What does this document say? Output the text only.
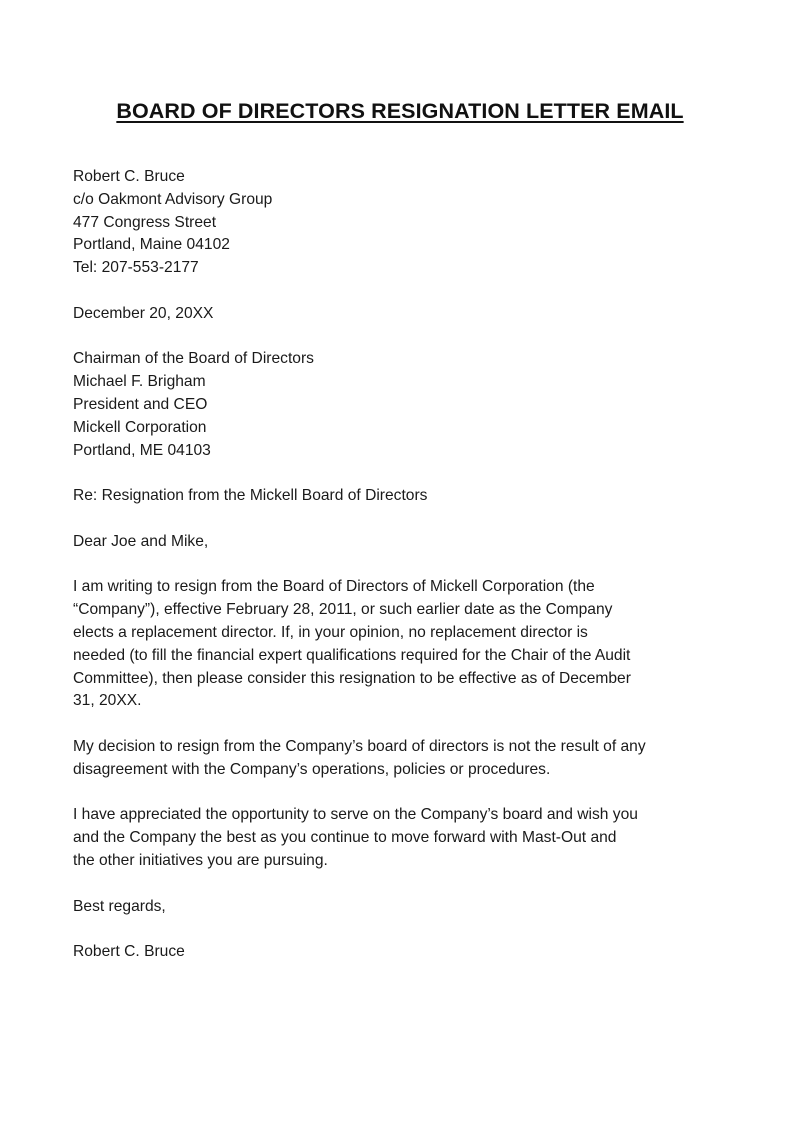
BOARD OF DIRECTORS RESIGNATION LETTER EMAIL
Robert C. Bruce
c/o Oakmont Advisory Group
477 Congress Street
Portland, Maine 04102
Tel: 207-553-2177
December 20, 20XX
Chairman of the Board of Directors
Michael F. Brigham
President and CEO
Mickell Corporation
Portland, ME 04103
Re: Resignation from the Mickell Board of Directors
Dear Joe and Mike,
I am writing to resign from the Board of Directors of Mickell Corporation (the
“Company”), effective February 28, 2011, or such earlier date as the Company
elects a replacement director. If, in your opinion, no replacement director is
needed (to fill the financial expert qualifications required for the Chair of the Audit
Committee), then please consider this resignation to be effective as of December
31, 20XX.
My decision to resign from the Company’s board of directors is not the result of any
disagreement with the Company’s operations, policies or procedures.
I have appreciated the opportunity to serve on the Company’s board and wish you
and the Company the best as you continue to move forward with Mast-Out and
the other initiatives you are pursuing.
Best regards,
Robert C. Bruce
